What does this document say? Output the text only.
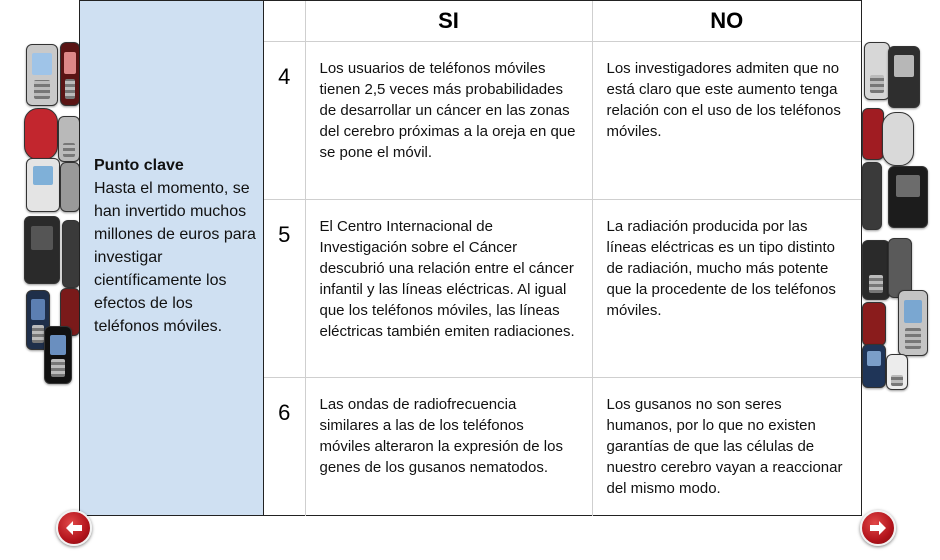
Punto clave
Hasta el momento, se han invertido muchos millones de euros para investigar científicamente los efectos de los teléfonos móviles.
	SI	NO
4	Los usuarios de teléfonos móviles tienen 2,5 veces más probabilidades de desarrollar un cáncer en las zonas del cerebro próximas a la oreja en que se pone el móvil.	Los investigadores admiten que no está claro que este aumento tenga relación con el uso de los teléfonos móviles.
5	El Centro Internacional de Investigación sobre el Cáncer descubrió una relación entre el cáncer infantil y las líneas eléctricas. Al igual que los teléfonos móviles, las líneas eléctricas también emiten radiaciones.	La radiación producida por las líneas eléctricas es un tipo distinto de radiación, mucho más potente que la procedente de los teléfonos móviles.
6	Las ondas de radiofrecuencia similares a las de los teléfonos móviles alteraron la expresión de los genes de los gusanos nematodos.	Los gusanos no son seres humanos, por lo que no existen garantías de que las células de nuestro cerebro vayan a reaccionar del mismo modo.
